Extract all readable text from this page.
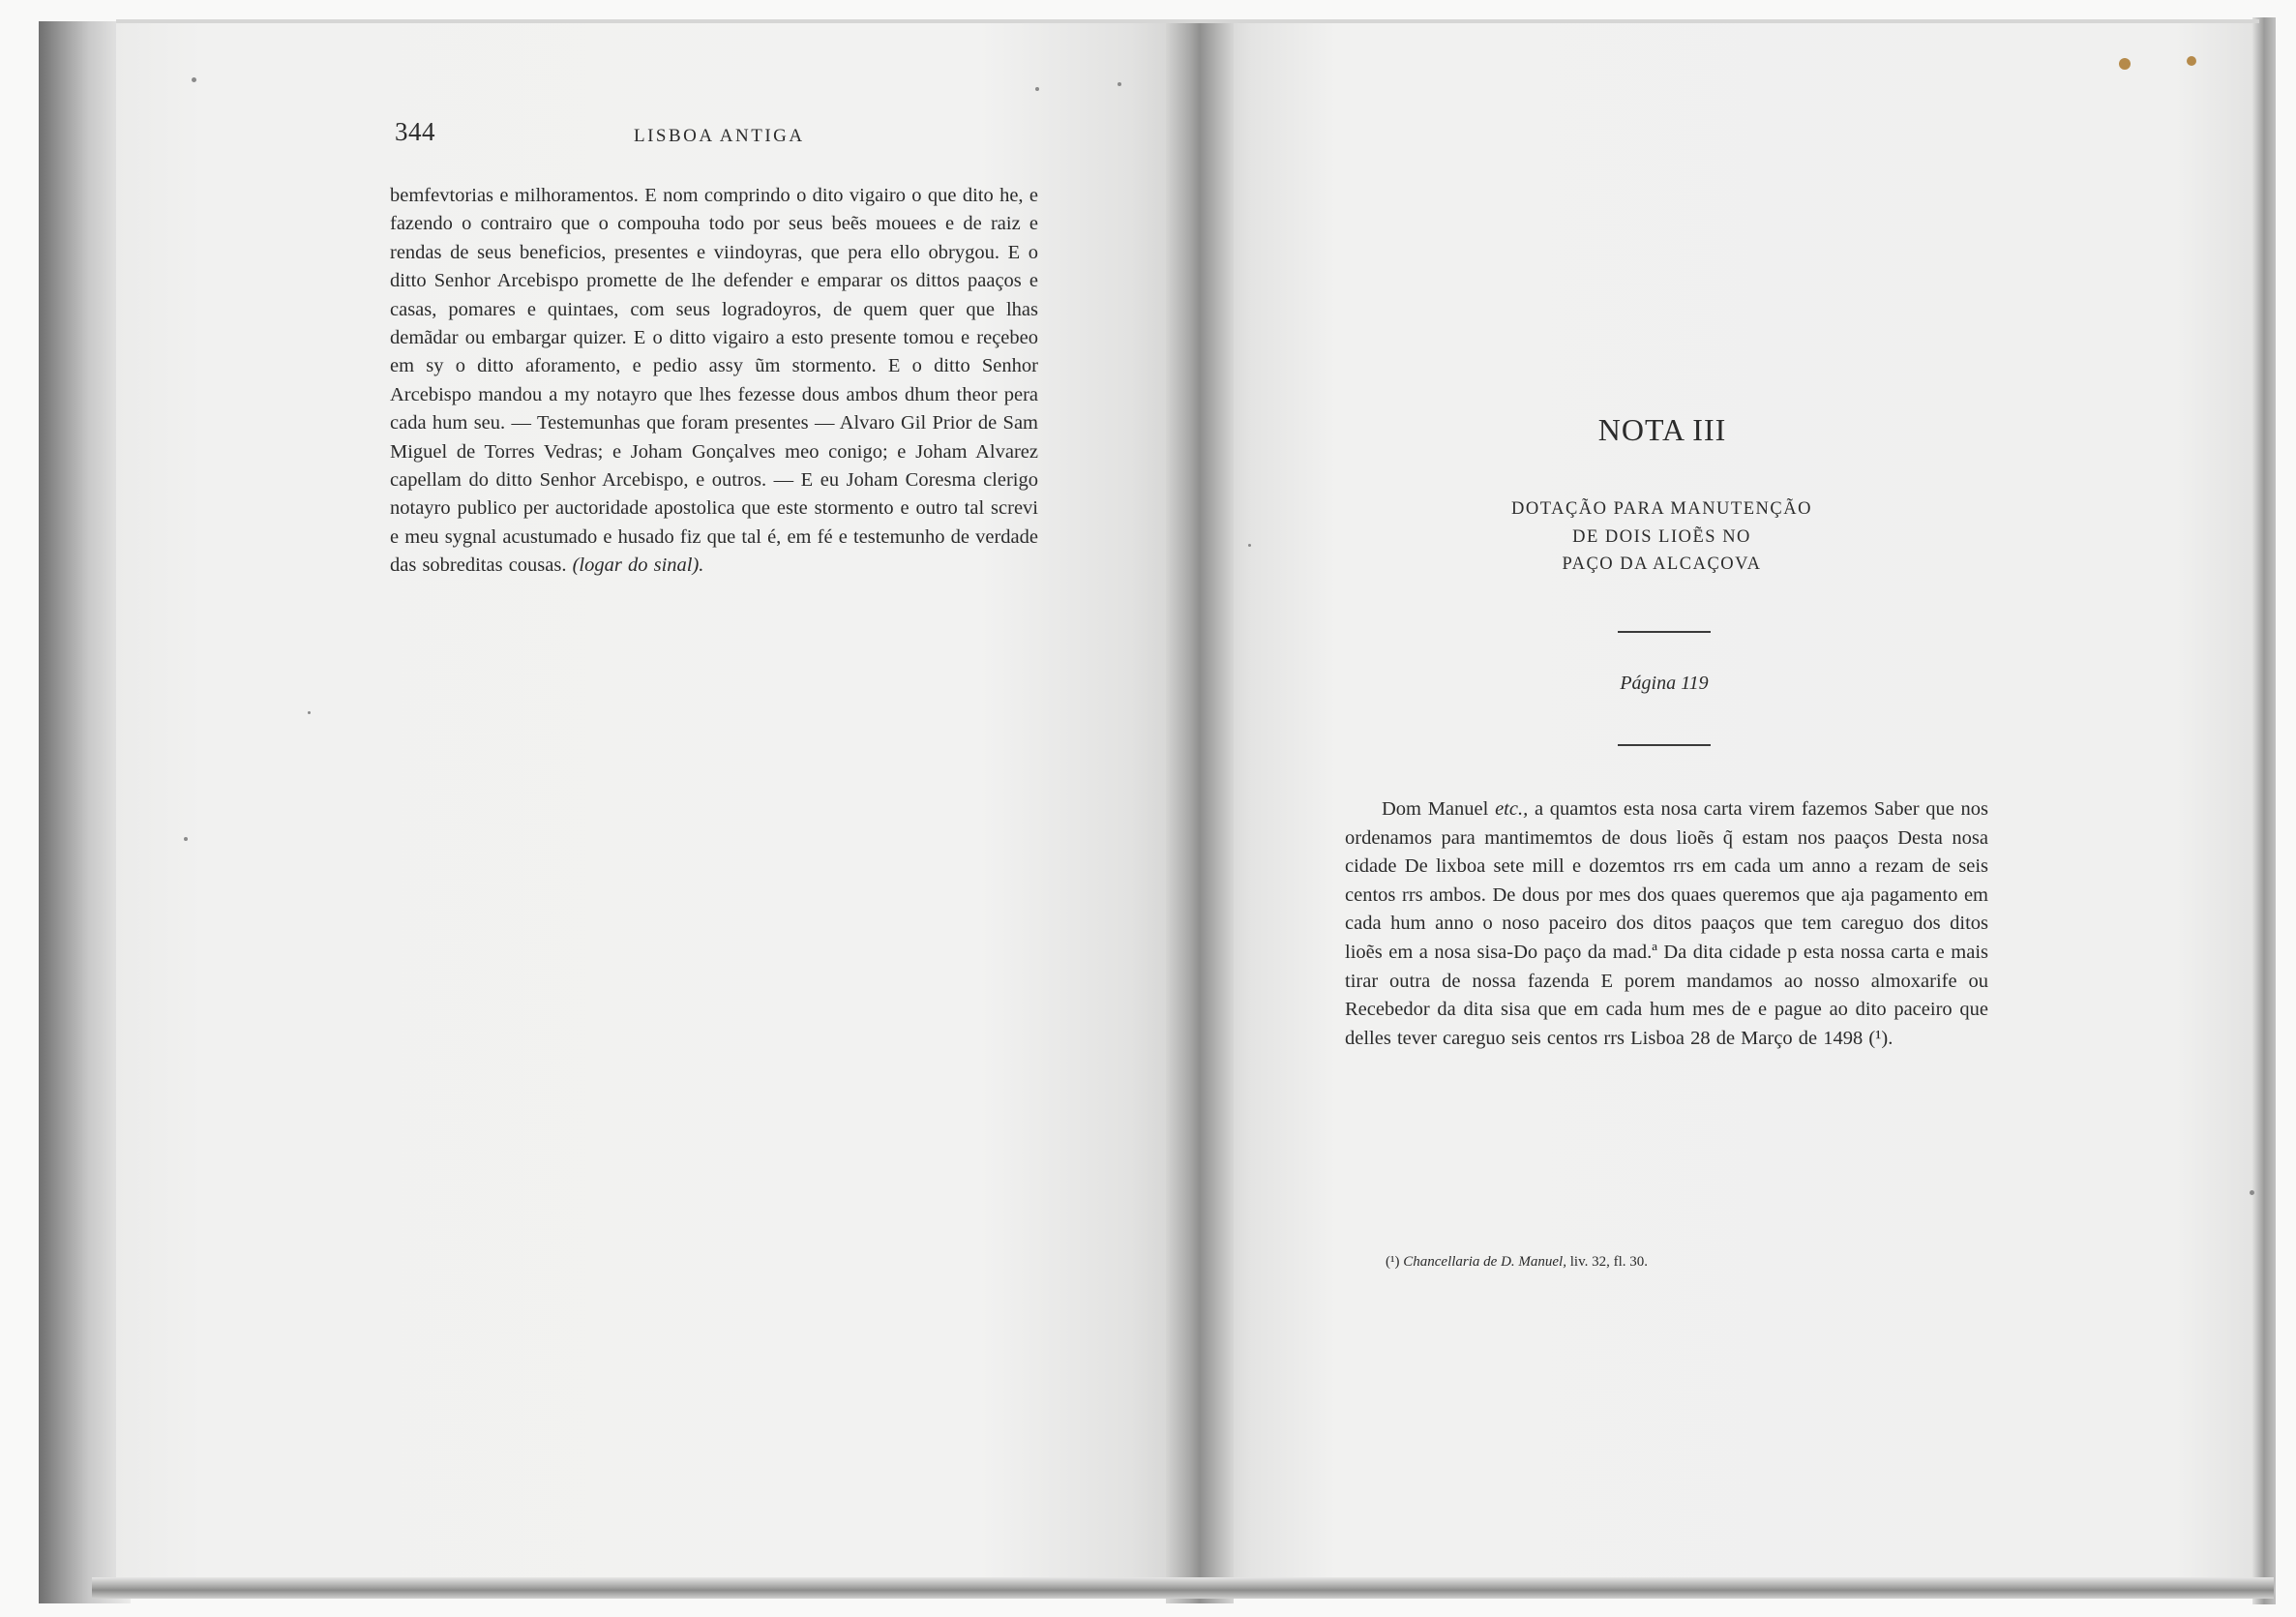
344	LISBOA ANTIGA

bemfevtorias e milhoramentos. E nom comprindo o dito vigairo o que dito he, e fazendo o contrairo que o compouha todo por seus beẽs mouees e de raiz e rendas de seus beneficios, presentes e viindoyras, que pera ello obrygou. E o ditto Senhor Arcebispo promette de lhe defender e emparar os dittos paaços e casas, pomares e quintaes, com seus logradoyros, de quem quer que lhas demãdar ou embargar quizer. E o ditto vigairo a esto presente tomou e reçebeo em sy o ditto aforamento, e pedio assy ũm stormento. E o ditto Senhor Arcebispo mandou a my notayro que lhes fezesse dous ambos dhum theor pera cada hum seu. — Testemunhas que foram presentes — Alvaro Gil Prior de Sam Miguel de Torres Vedras; e Joham Gonçalves meo conigo; e Joham Alvarez capellam do ditto Senhor Arcebispo, e outros. — E eu Joham Coresma clerigo notayro publico per auctoridade apostolica que este stormento e outro tal screvi e meu sygnal acustumado e husado fiz que tal é, em fé e testemunho de verdade das sobreditas cousas. (logar do sinal).

NOTA III
DOTAÇÃO PARA MANUTENÇÃO
DE DOIS LIOẼS NO
PAÇO DA ALCAÇOVA
Página 119

Dom Manuel etc., a quamtos esta nosa carta virem fazemos Saber que nos ordenamos para mantimemtos de dous lioẽs q̃ estam nos paaços Desta nosa cidade De lixboa sete mill e dozemtos rrs em cada um anno a rezam de seis centos rrs ambos. De dous por mes dos quaes queremos que aja pagamento em cada hum anno o noso paceiro dos ditos paaços que tem careguo dos ditos lioẽs em a nosa sisa-Do paço da mad.ª Da dita cidade p esta nossa carta e mais tirar outra de nossa fazenda E porem mandamos ao nosso almoxarife ou Recebedor da dita sisa que em cada hum mes de e pague ao dito paceiro que delles tever careguo seis centos rrs Lisboa 28 de Março de 1498 (¹).

(¹) Chancellaria de D. Manuel, liv. 32, fl. 30.
